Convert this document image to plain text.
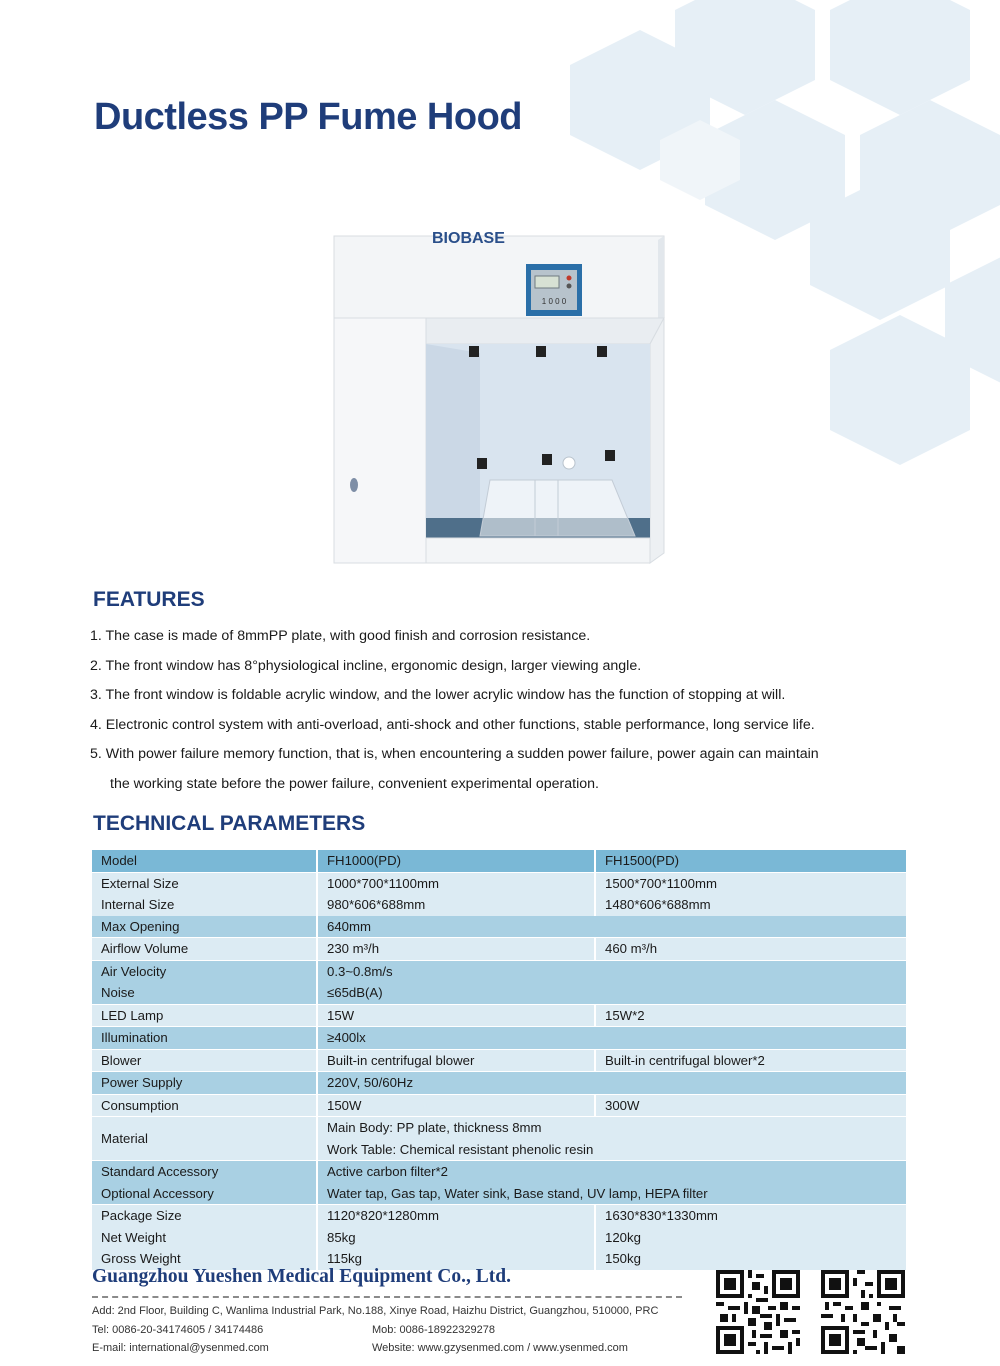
Ductless PP Fume Hood
1 0 0 0
BIOBASE
FEATURES
1. The case is made of 8mmPP plate, with good finish and corrosion resistance.
2. The front window has 8°physiological incline, ergonomic design, larger viewing angle.
3. The front window is foldable acrylic window, and the lower acrylic window has the function of stopping at will.
4. Electronic control system with anti-overload, anti-shock and other functions, stable performance, long service life.
5. With power failure memory function, that is, when encountering a sudden power failure, power again can maintain
the working state before the power failure, convenient experimental operation.
TECHNICAL PARAMETERS
Model	FH1000(PD)	FH1500(PD)
External Size	1000*700*1100mm	1500*700*1100mm
Internal Size	980*606*688mm	1480*606*688mm
Max Opening	640mm	
Airflow Volume	230 m³/h	460 m³/h
Air Velocity	0.3~0.8m/s	
Noise	≤65dB(A)	
LED Lamp	15W	15W*2
Illumination	≥400lx	
Blower	Built-in centrifugal blower	Built-in centrifugal blower*2
Power Supply	220V, 50/60Hz	
Consumption	150W	300W
Material	Main Body: PP plate, thickness 8mm	
	Work Table: Chemical resistant phenolic resin	
Standard Accessory	Active carbon filter*2	
Optional Accessory	Water tap, Gas tap, Water sink, Base stand, UV lamp, HEPA filter	
Package Size	1120*820*1280mm	1630*830*1330mm
Net Weight	85kg	120kg
Gross Weight	115kg	150kg

Guangzhou Yueshen Medical Equipment Co., Ltd.

Add: 2nd Floor, Building C, Wanlima Industrial Park, No.188, Xinye Road, Haizhu District, Guangzhou, 510000, PRC

Tel: 0086-20-34174605 / 34174486	Mob: 0086-18922329278

E-mail: international@ysenmed.com	Website: www.gzysenmed.com / www.ysenmed.com
